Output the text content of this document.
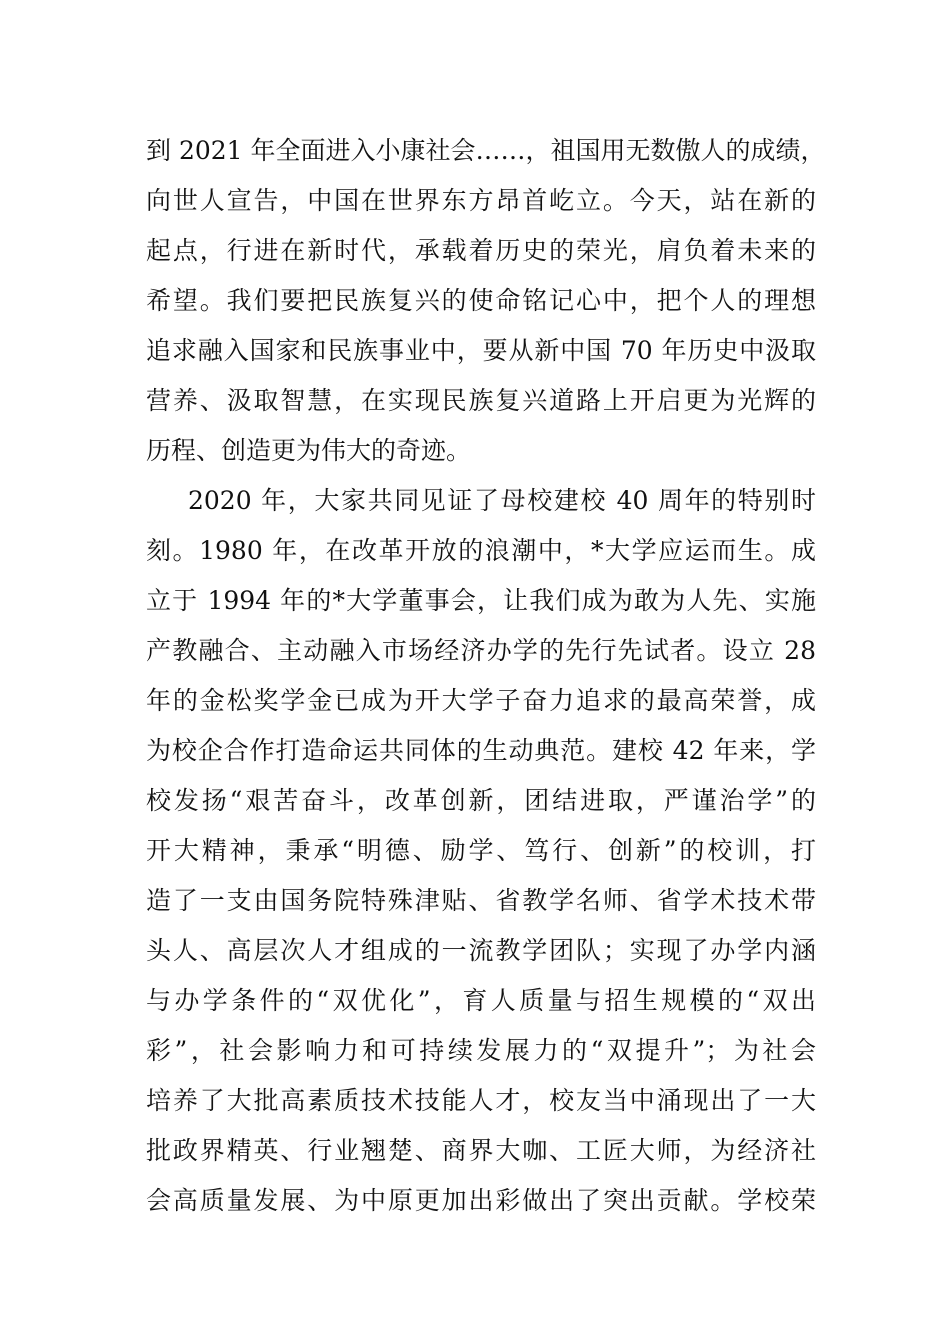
到 2021 年全面进入小康社会……，祖国用无数傲人的成绩，
向世人宣告，中国在世界东方昂首屹立。今天，站在新的
起点，行进在新时代，承载着历史的荣光，肩负着未来的
希望。我们要把民族复兴的使命铭记心中，把个人的理想
追求融入国家和民族事业中，要从新中国 70 年历史中汲取
营养、汲取智慧，在实现民族复兴道路上开启更为光辉的
历程、创造更为伟大的奇迹。
2020 年，大家共同见证了母校建校 40 周年的特别时
刻。1980 年，在改革开放的浪潮中，*大学应运而生。成
立于 1994 年的*大学董事会，让我们成为敢为人先、实施
产教融合、主动融入市场经济办学的先行先试者。设立 28
年的金松奖学金已成为开大学子奋力追求的最高荣誉，成
为校企合作打造命运共同体的生动典范。建校 42 年来，学
校发扬“艰苦奋斗，改革创新，团结进取，严谨治学”的
开大精神，秉承“明德、励学、笃行、创新”的校训，打
造了一支由国务院特殊津贴、省教学名师、省学术技术带
头人、高层次人才组成的一流教学团队；实现了办学内涵
与办学条件的“双优化”，育人质量与招生规模的“双出
彩”，社会影响力和可持续发展力的“双提升”；为社会
培养了大批高素质技术技能人才，校友当中涌现出了一大
批政界精英、行业翘楚、商界大咖、工匠大师，为经济社
会高质量发展、为中原更加出彩做出了突出贡献。学校荣
